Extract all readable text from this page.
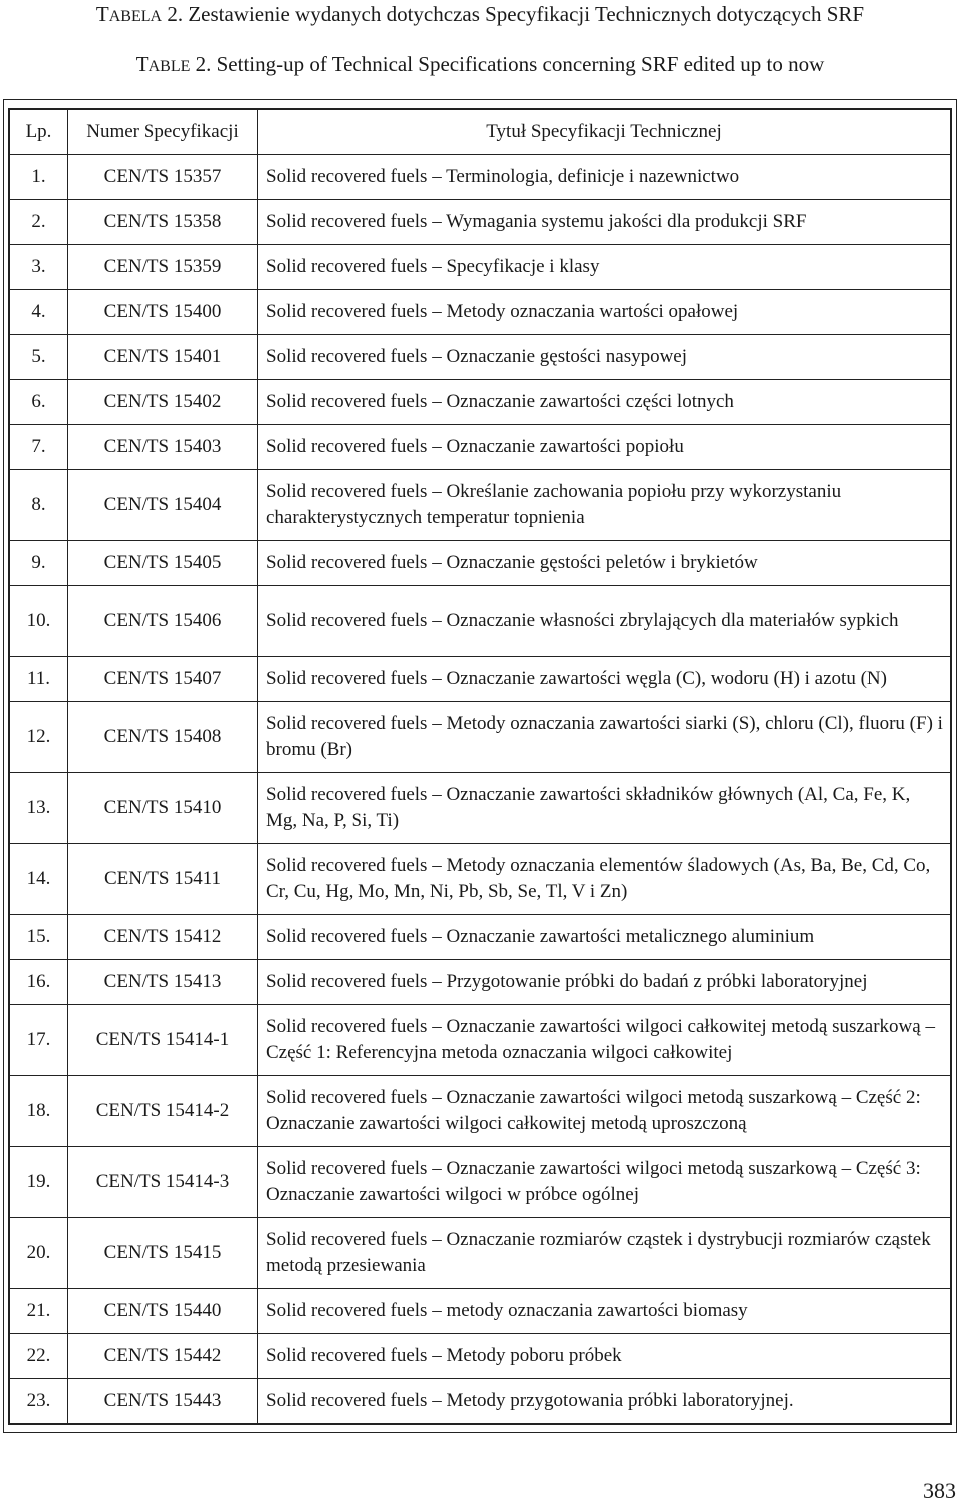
TABELA 2. Zestawienie wydanych dotychczas Specyfikacji Technicznych dotyczących SRF
TABLE 2. Setting-up of Technical Specifications concerning SRF edited up to now
Lp.	Numer Specyfikacji	Tytuł Specyfikacji Technicznej
1.	CEN/TS 15357	Solid recovered fuels – Terminologia, definicje i nazewnictwo
2.	CEN/TS 15358	Solid recovered fuels – Wymagania systemu jakości dla produkcji SRF
3.	CEN/TS 15359	Solid recovered fuels – Specyfikacje i klasy
4.	CEN/TS 15400	Solid recovered fuels – Metody oznaczania wartości opałowej
5.	CEN/TS 15401	Solid recovered fuels – Oznaczanie gęstości nasypowej
6.	CEN/TS 15402	Solid recovered fuels – Oznaczanie zawartości części lotnych
7.	CEN/TS 15403	Solid recovered fuels – Oznaczanie zawartości popiołu
8.	CEN/TS 15404	Solid recovered fuels – Określanie zachowania popiołu przy wykorzystaniu charakterystycznych temperatur topnienia
9.	CEN/TS 15405	Solid recovered fuels – Oznaczanie gęstości peletów i brykietów
10.	CEN/TS 15406	Solid recovered fuels – Oznaczanie własności zbrylających dla materiałów sypkich
11.	CEN/TS 15407	Solid recovered fuels – Oznaczanie zawartości węgla (C), wodoru (H) i azotu (N)
12.	CEN/TS 15408	Solid recovered fuels – Metody oznaczania zawartości siarki (S), chloru (Cl), fluoru (F) i bromu (Br)
13.	CEN/TS 15410	Solid recovered fuels – Oznaczanie zawartości składników głównych (Al, Ca, Fe, K, Mg, Na, P, Si, Ti)
14.	CEN/TS 15411	Solid recovered fuels – Metody oznaczania elementów śladowych (As, Ba, Be, Cd, Co, Cr, Cu, Hg, Mo, Mn, Ni, Pb, Sb, Se, Tl, V i Zn)
15.	CEN/TS 15412	Solid recovered fuels – Oznaczanie zawartości metalicznego aluminium
16.	CEN/TS 15413	Solid recovered fuels – Przygotowanie próbki do badań z próbki laboratoryjnej
17.	CEN/TS 15414-1	Solid recovered fuels – Oznaczanie zawartości wilgoci całkowitej metodą suszarkową – Część 1: Referencyjna metoda oznaczania wilgoci całkowitej
18.	CEN/TS 15414-2	Solid recovered fuels – Oznaczanie zawartości wilgoci metodą suszarkową – Część 2: Oznaczanie zawartości wilgoci całkowitej metodą uproszczoną
19.	CEN/TS 15414-3	Solid recovered fuels – Oznaczanie zawartości wilgoci metodą suszarkową – Część 3: Oznaczanie zawartości wilgoci w próbce ogólnej
20.	CEN/TS 15415	Solid recovered fuels – Oznaczanie rozmiarów cząstek i dystrybucji rozmiarów cząstek metodą przesiewania
21.	CEN/TS 15440	Solid recovered fuels – metody oznaczania zawartości biomasy
22.	CEN/TS 15442	Solid recovered fuels – Metody poboru próbek
23.	CEN/TS 15443	Solid recovered fuels – Metody przygotowania próbki laboratoryjnej.
383
